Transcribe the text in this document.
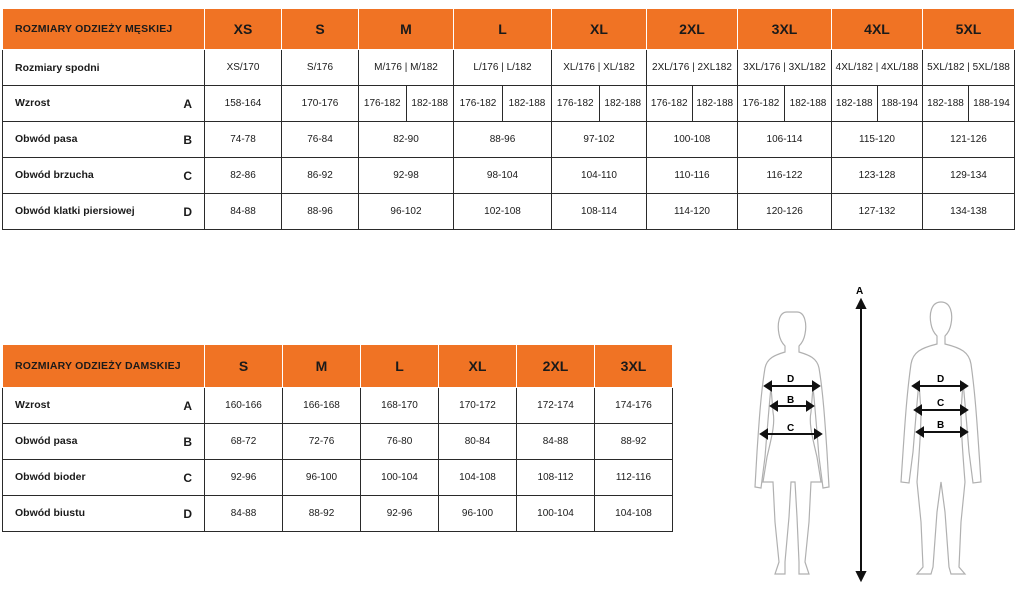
ROZMIARY ODZIEŻY MĘSKIEJ	XS	S	M	L	XL	2XL	3XL	4XL	5XL

Rozmiary spodni	XS/170	S/176	M/176 | M/182	L/176 | L/182	XL/176 | XL/182	2XL/176 | 2XL182	3XL/176 | 3XL/182	4XL/182 | 4XL/188	5XL/182 | 5XL/188

Wzrost A	158-164	170-176	176-182 182-188	176-182 182-188	176-182 182-188	176-182 182-188	176-182 182-188	182-188 188-194	182-188 188-194

Obwód pasa B	74-78	76-84	82-90	88-96	97-102	100-108	106-114	115-120	121-126

Obwód brzucha C	82-86	86-92	92-98	98-104	104-110	110-116	116-122	123-128	129-134

Obwód klatki piersiowej D	84-88	88-96	96-102	102-108	108-114	114-120	120-126	127-132	134-138
ROZMIARY ODZIEŻY DAMSKIEJ	S	M	L	XL	2XL	3XL

Wzrost A	160-166	166-168	168-170	170-172	172-174	174-176

Obwód pasa B	68-72	72-76	76-80	80-84	84-88	88-92

Obwód bioder C	92-96	96-100	100-104	104-108	108-112	112-116

Obwód biustu D	84-88	88-92	92-96	96-100	100-104	104-108
D
B
C
A
D
C
B
